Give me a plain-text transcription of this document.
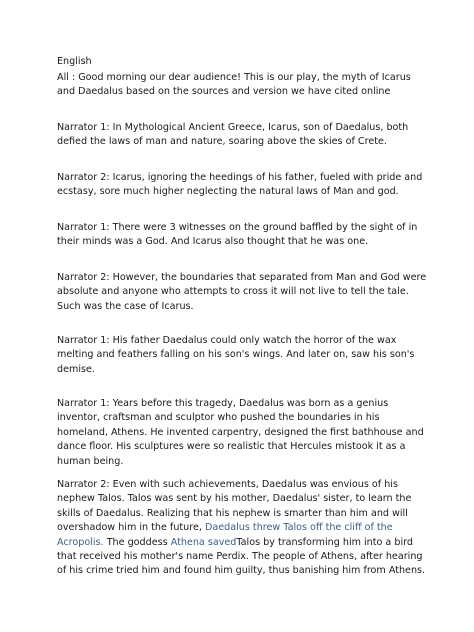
English

All : Good morning our dear audience! This is our play, the myth of Icarus
and Daedalus based on the sources and version we have cited online

Narrator 1: In Mythological Ancient Greece, Icarus, son of Daedalus, both
defied the laws of man and nature, soaring above the skies of Crete.

Narrator 2: Icarus, ignoring the heedings of his father, fueled with pride and
ecstasy, sore much higher neglecting the natural laws of Man and god.

Narrator 1: There were 3 witnesses on the ground baffled by the sight of in
their minds was a God. And Icarus also thought that he was one.

Narrator 2: However, the boundaries that separated from Man and God were
absolute and anyone who attempts to cross it will not live to tell the tale.
Such was the case of Icarus.

Narrator 1: His father Daedalus could only watch the horror of the wax
melting and feathers falling on his son's wings. And later on, saw his son's
demise.

Narrator 1: Years before this tragedy, Daedalus was born as a genius
inventor, craftsman and sculptor who pushed the boundaries in his
homeland, Athens. He invented carpentry, designed the first bathhouse and
dance floor. His sculptures were so realistic that Hercules mistook it as a
human being.

Narrator 2: Even with such achievements, Daedalus was envious of his
nephew Talos. Talos was sent by his mother, Daedalus' sister, to learn the
skills of Daedalus. Realizing that his nephew is smarter than him and will
overshadow him in the future, Daedalus threw Talos off the cliff of the
Acropolis. The goddess Athena savedTalos by transforming him into a bird
that received his mother's name Perdix. The people of Athens, after hearing
of his crime tried him and found him guilty, thus banishing him from Athens.
